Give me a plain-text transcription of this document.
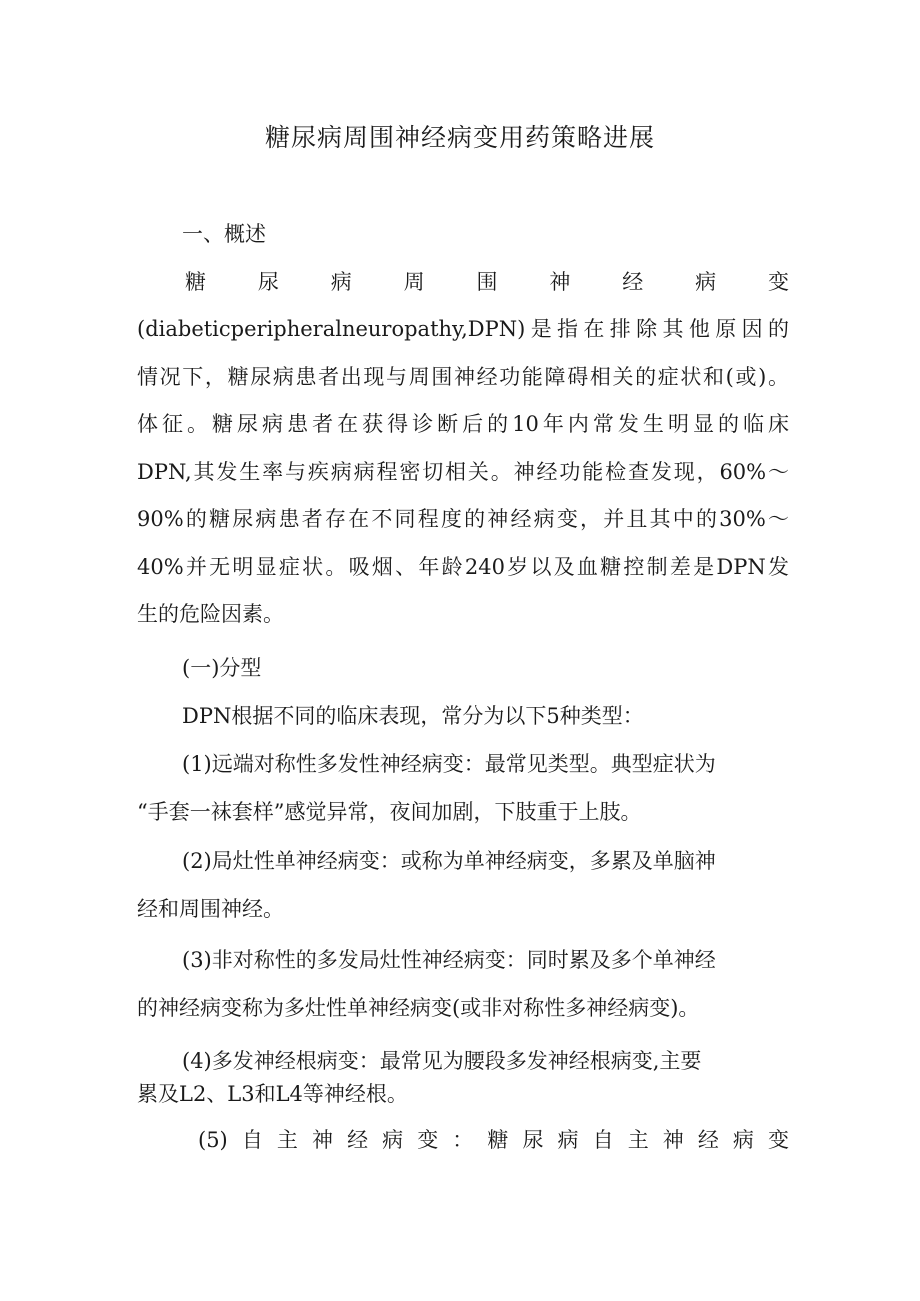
糖尿病周围神经病变用药策略进展
一、概述
糖 尿 病 周 围 神 经 病 变
(diabeticperipheralneuropathy,DPN)是指在排除其他原因的
情况下，糖尿病患者出现与周围神经功能障碍相关的症状和(或)。
体征。糖尿病患者在获得诊断后的10年内常发生明显的临床
DPN,其发生率与疾病病程密切相关。神经功能检查发现，60%～
90%的糖尿病患者存在不同程度的神经病变，并且其中的30%～
40%并无明显症状。吸烟、年龄240岁以及血糖控制差是DPN发
生的危险因素。
(一)分型
DPN根据不同的临床表现，常分为以下5种类型：
(1)远端对称性多发性神经病变：最常见类型。典型症状为
“手套一袜套样”感觉异常，夜间加剧，下肢重于上肢。
(2)局灶性单神经病变：或称为单神经病变，多累及单脑神
经和周围神经。
(3)非对称性的多发局灶性神经病变：同时累及多个单神经
的神经病变称为多灶性单神经病变(或非对称性多神经病变)。
(4)多发神经根病变：最常见为腰段多发神经根病变,主要
累及L2、L3和L4等神经根。
(5) 自 主 神 经 病 变 ： 糖 尿 病 自 主 神 经 病 变
